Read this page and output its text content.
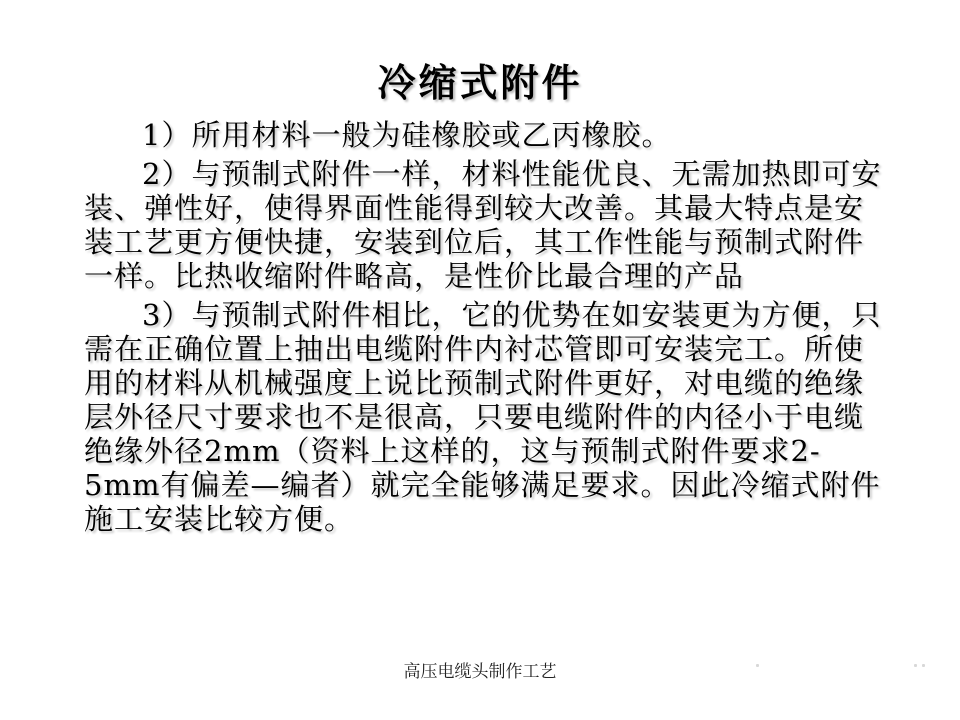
冷缩式附件

1）所用材料一般为硅橡胶或乙丙橡胶。

2）与预制式附件一样，材料性能优良、无需加热即可安装、弹性好，使得界面性能得到较大改善。其最大特点是安装工艺更方便快捷，安装到位后，其工作性能与预制式附件一样。比热收缩附件略高，是性价比最合理的产品

3）与预制式附件相比，它的优势在如安装更为方便，只需在正确位置上抽出电缆附件内衬芯管即可安装完工。所使用的材料从机械强度上说比预制式附件更好，对电缆的绝缘层外径尺寸要求也不是很高，只要电缆附件的内径小于电缆绝缘外径2mm（资料上这样的，这与预制式附件要求2-5mm有偏差—编者）就完全能够满足要求。因此冷缩式附件施工安装比较方便。

高压电缆头制作工艺
